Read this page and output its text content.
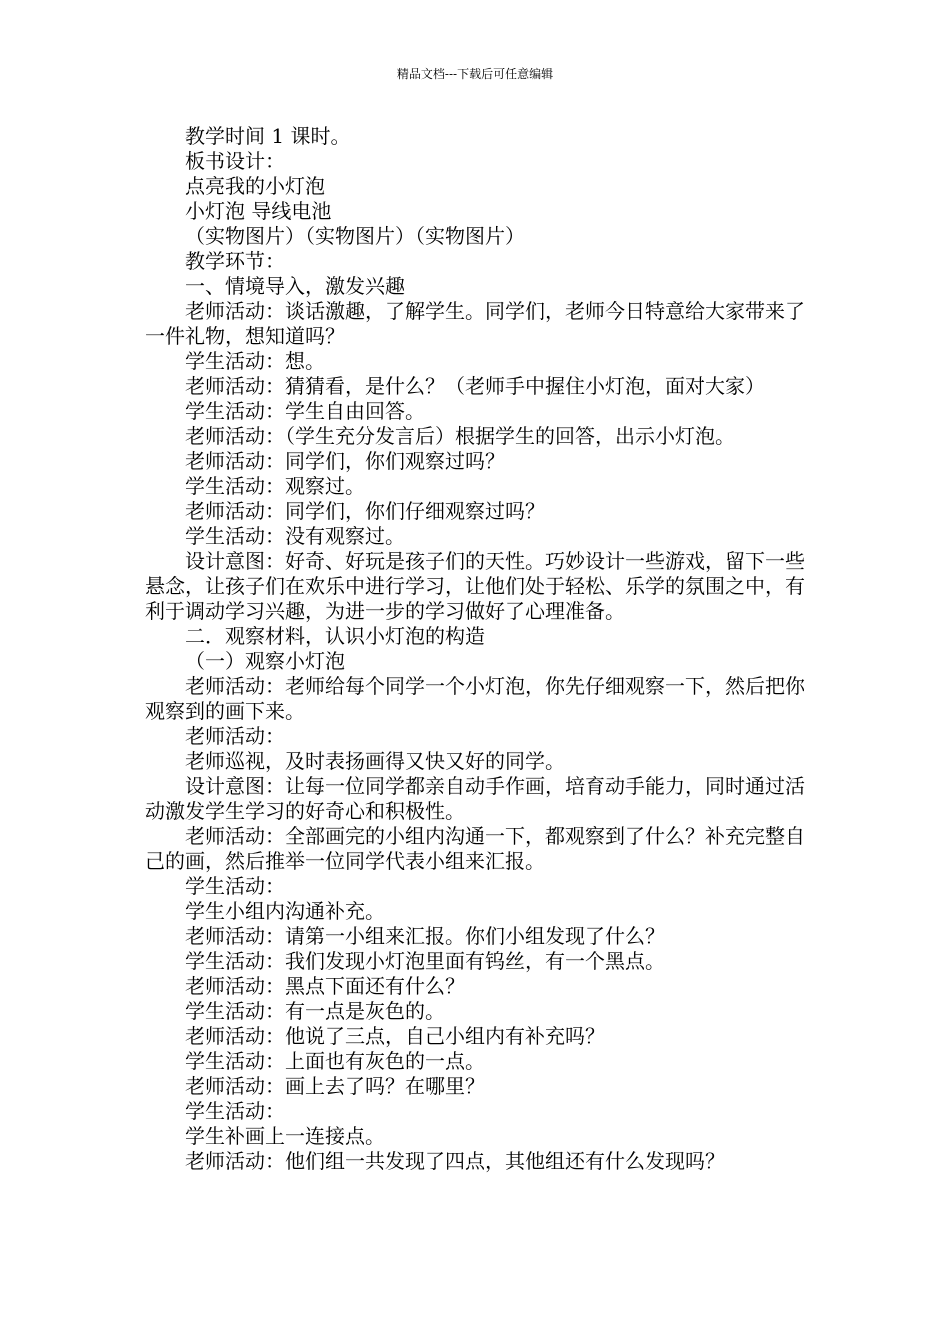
精品文档---下载后可任意编辑

教学时间 1 课时。

板书设计：

点亮我的小灯泡

小灯泡 导线电池

（实物图片）（实物图片）（实物图片）

教学环节：

一、情境导入，激发兴趣

老师活动：谈话激趣，了解学生。同学们，老师今日特意给大家带来了一件礼物，想知道吗？

学生活动：想。

老师活动：猜猜看，是什么？（老师手中握住小灯泡，面对大家）

学生活动：学生自由回答。

老师活动：（学生充分发言后）根据学生的回答，出示小灯泡。

老师活动：同学们，你们观察过吗？

学生活动：观察过。

老师活动：同学们，你们仔细观察过吗？

学生活动：没有观察过。

设计意图：好奇、好玩是孩子们的天性。巧妙设计一些游戏，留下一些悬念，让孩子们在欢乐中进行学习，让他们处于轻松、乐学的氛围之中，有利于调动学习兴趣，为进一步的学习做好了心理准备。

二．观察材料，认识小灯泡的构造

（一）观察小灯泡

老师活动：老师给每个同学一个小灯泡，你先仔细观察一下，然后把你观察到的画下来。

老师活动：

老师巡视，及时表扬画得又快又好的同学。

设计意图：让每一位同学都亲自动手作画，培育动手能力，同时通过活动激发学生学习的好奇心和积极性。

老师活动：全部画完的小组内沟通一下，都观察到了什么？补充完整自己的画，然后推举一位同学代表小组来汇报。

学生活动：

学生小组内沟通补充。

老师活动：请第一小组来汇报。你们小组发现了什么？

学生活动：我们发现小灯泡里面有钨丝，有一个黑点。

老师活动：黑点下面还有什么？

学生活动：有一点是灰色的。

老师活动：他说了三点，自己小组内有补充吗？

学生活动：上面也有灰色的一点。

老师活动：画上去了吗？在哪里？

学生活动：

学生补画上一连接点。

老师活动：他们组一共发现了四点，其他组还有什么发现吗？
